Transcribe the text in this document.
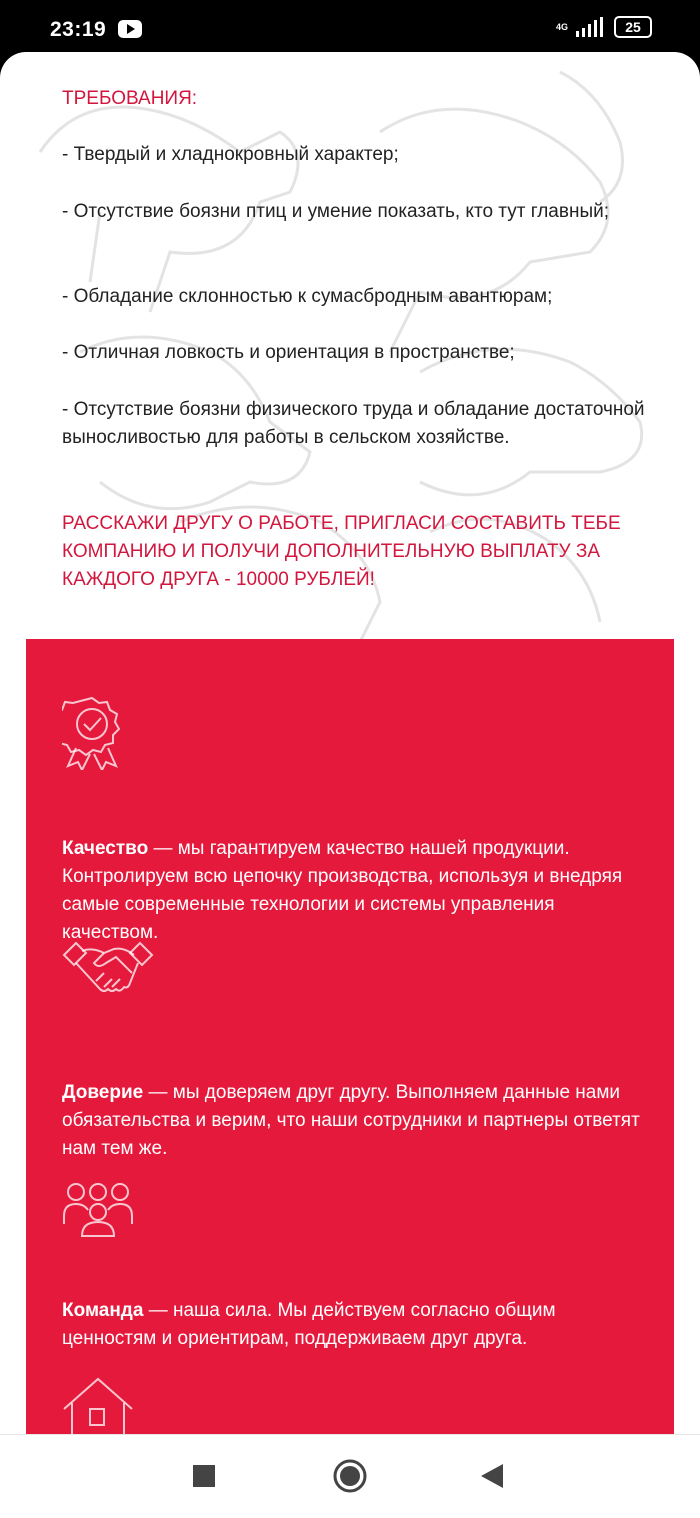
23:19	4G	25

ТРЕБОВАНИЯ:

- Твердый и хладнокровный характер;
- Отсутствие боязни птиц и умение показать, кто тут главный;
- Обладание склонностью к сумасбродным авантюрам;
- Отличная ловкость и ориентация в пространстве;
- Отсутствие боязни физического труда и обладание достаточной выносливостью для работы в сельском хозяйстве.

РАССКАЖИ ДРУГУ О РАБОТЕ, ПРИГЛАСИ СОСТАВИТЬ ТЕБЕ КОМПАНИЮ И ПОЛУЧИ ДОПОЛНИТЕЛЬНУЮ ВЫПЛАТУ ЗА КАЖДОГО ДРУГА - 10000 РУБЛЕЙ!

Качество — мы гарантируем качество нашей продукции. Контролируем всю цепочку производства, используя и внедряя самые современные технологии и системы управления качеством.
Доверие — мы доверяем друг другу. Выполняем данные нами обязательства и верим, что наши сотрудники и партнеры ответят нам тем же.
Команда — наша сила. Мы действуем согласно общим ценностям и ориентирам, поддерживаем друг друга.
